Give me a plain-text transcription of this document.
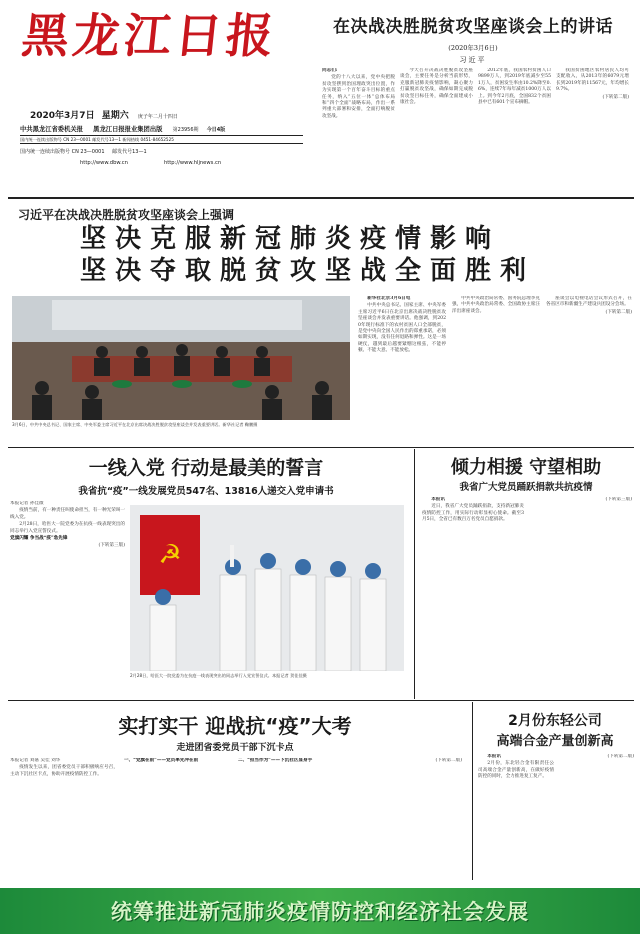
黑龙江日报
2020年3月7日 星期六 庚子年二月十四日
中共黑龙江省委机关报 黑龙江日报报业集团出版 第23956期 今日4版
国内统一连续出版物号 CN 23—0001 邮发代号13—1 新闻热线 0451-84652525
国内统一连续出版物号 CN 23—0001 邮发代号13—1
http://www.dbw.cn	http://www.hljnews.cn
在决战决胜脱贫攻坚座谈会上的讲话
(2020年3月6日)
习近平

同志们:

党的十八大以来，党中央把脱贫攻坚摆到治国理政突出位置，作为实现第一个百年奋斗目标的重点任务，纳入“五位一体”总体布局和“四个全面”战略布局，作出一系列重大部署和安排，全面打响脱贫攻坚战。

今天召开决战决胜脱贫攻坚座谈会，主要任务是分析当前形势，克服新冠肺炎疫情影响，凝心聚力打赢脱贫攻坚战，确保如期完成脱贫攻坚目标任务，确保全面建成小康社会。

2012年底，我国农村贫困人口9899万人，到2019年底减少至551万人，贫困发生率由10.2%降至0.6%，连续7年每年减贫1000万人以上。到今年2月底，全国832个贫困县中已有601个宣布摘帽。

我国贫困地区农村居民人均可支配收入，从2013年的6079元增长到2019年的11567元，年均增长9.7%。

(下转第二版)

习近平在决战决胜脱贫攻坚座谈会上强调
坚决克服新冠肺炎疫情影响
坚决夺取脱贫攻坚战全面胜利
3月6日，中共中央总书记、国家主席、中央军委主席习近平在北京出席决战决胜脱贫攻坚座谈会并发表重要讲话。新华社记者 鞠鹏摄

新华社北京3月6日电

中共中央总书记、国家主席、中央军委主席习近平6日在北京出席决战决胜脱贫攻坚座谈会并发表重要讲话。他强调，到2020年现行标准下的农村贫困人口全部脱贫，是党中央向全国人民作出的郑重承诺，必须如期实现，没有任何退路和弹性。这是一场硬仗，越到最后越要紧绷这根弦，不能停顿、不能大意、不能放松。

中共中央政治局常委、国务院总理李克强，中共中央政治局常委、全国政协主席汪洋出席座谈会。

座谈会以电视电话会议形式召开，在各省区市和新疆生产建设兵团设分会场。

(下转第二版)

一线入党 行动是最美的誓言
我省抗“疫”一线发展党员547名、13816人递交入党申请书

本报记者 孙佳薇

疫情当前，有一种责任叫使命担当，有一种光荣叫一线入党。

2月28日，哈医大一院党委为在抗疫一线表现突出的同志举行入党宣誓仪式。

党旗闪耀 争当战“疫”急先锋

(下转第三版) ☭
2月28日，哈医大一院党委为在抗疫一线表现突出的同志举行入党宣誓仪式。本报记者 贺佳佳摄
倾力相援 守望相助
我省广大党员踊跃捐款共抗疫情

本报讯

近日，我省广大党员踊跃捐款，支持新冠肺炎疫情防控工作，用实际行动彰显初心使命。截至3月5日，全省已有数百万名党员自愿捐款。

(下转第三版)

实打实干 迎战抗“疫”大考
走进团省委党员干部下沉卡点

本报记者 刘嘉 吴佳 刘华

疫情发生以来，团省委党员干部积极响应号召，主动下沉社区卡点，协助开展疫情防控工作。

一、“党旗在前”——党员率先冲在前	二、“担当作为”——下沉社区显身手	(下转第二版)

2月份东轻公司
高端合金产量创新高

本报讯

2月份，东北轻合金有限责任公司高端合金产量创新高，在做好疫情防控的同时，全力推进复工复产。

(下转第二版)

统筹推进新冠肺炎疫情防控和经济社会发展
